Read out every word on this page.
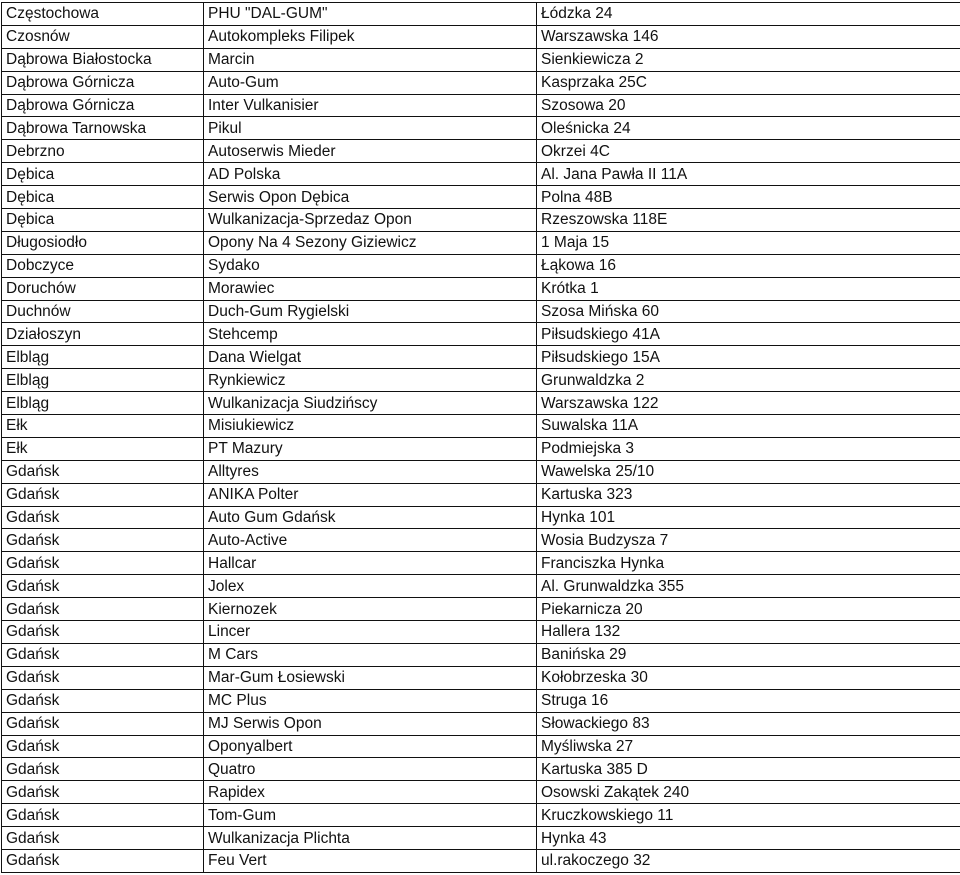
Częstochowa	PHU "DAL-GUM"	Łódzka 24
Czosnów	Autokompleks Filipek	Warszawska 146
Dąbrowa Białostocka	Marcin	Sienkiewicza 2
Dąbrowa Górnicza	Auto-Gum	Kasprzaka 25C
Dąbrowa Górnicza	Inter Vulkanisier	Szosowa 20
Dąbrowa Tarnowska	Pikul	Oleśnicka 24
Debrzno	Autoserwis Mieder	Okrzei 4C
Dębica	AD Polska	Al. Jana Pawła II 11A
Dębica	Serwis Opon Dębica	Polna 48B
Dębica	Wulkanizacja-Sprzedaz Opon	Rzeszowska 118E
Długosiodło	Opony Na 4 Sezony Giziewicz	1 Maja 15
Dobczyce	Sydako	Łąkowa 16
Doruchów	Morawiec	Krótka 1
Duchnów	Duch-Gum Rygielski	Szosa Mińska 60
Działoszyn	Stehcemp	Piłsudskiego 41A
Elbląg	Dana Wielgat	Piłsudskiego 15A
Elbląg	Rynkiewicz	Grunwaldzka 2
Elbląg	Wulkanizacja Siudzińscy	Warszawska 122
Ełk	Misiukiewicz	Suwalska 11A
Ełk	PT Mazury	Podmiejska 3
Gdańsk	Alltyres	Wawelska 25/10
Gdańsk	ANIKA Polter	Kartuska 323
Gdańsk	Auto Gum Gdańsk	Hynka 101
Gdańsk	Auto-Active	Wosia Budzysza 7
Gdańsk	Hallcar	Franciszka Hynka
Gdańsk	Jolex	Al. Grunwaldzka 355
Gdańsk	Kiernozek	Piekarnicza 20
Gdańsk	Lincer	Hallera 132
Gdańsk	M Cars	Banińska 29
Gdańsk	Mar-Gum Łosiewski	Kołobrzeska 30
Gdańsk	MC Plus	Struga 16
Gdańsk	MJ Serwis Opon	Słowackiego 83
Gdańsk	Oponyalbert	Myśliwska 27
Gdańsk	Quatro	Kartuska 385 D
Gdańsk	Rapidex	Osowski Zakątek 240
Gdańsk	Tom-Gum	Kruczkowskiego 11
Gdańsk	Wulkanizacja Plichta	Hynka 43
Gdańsk	Feu Vert	ul.rakoczego 32
